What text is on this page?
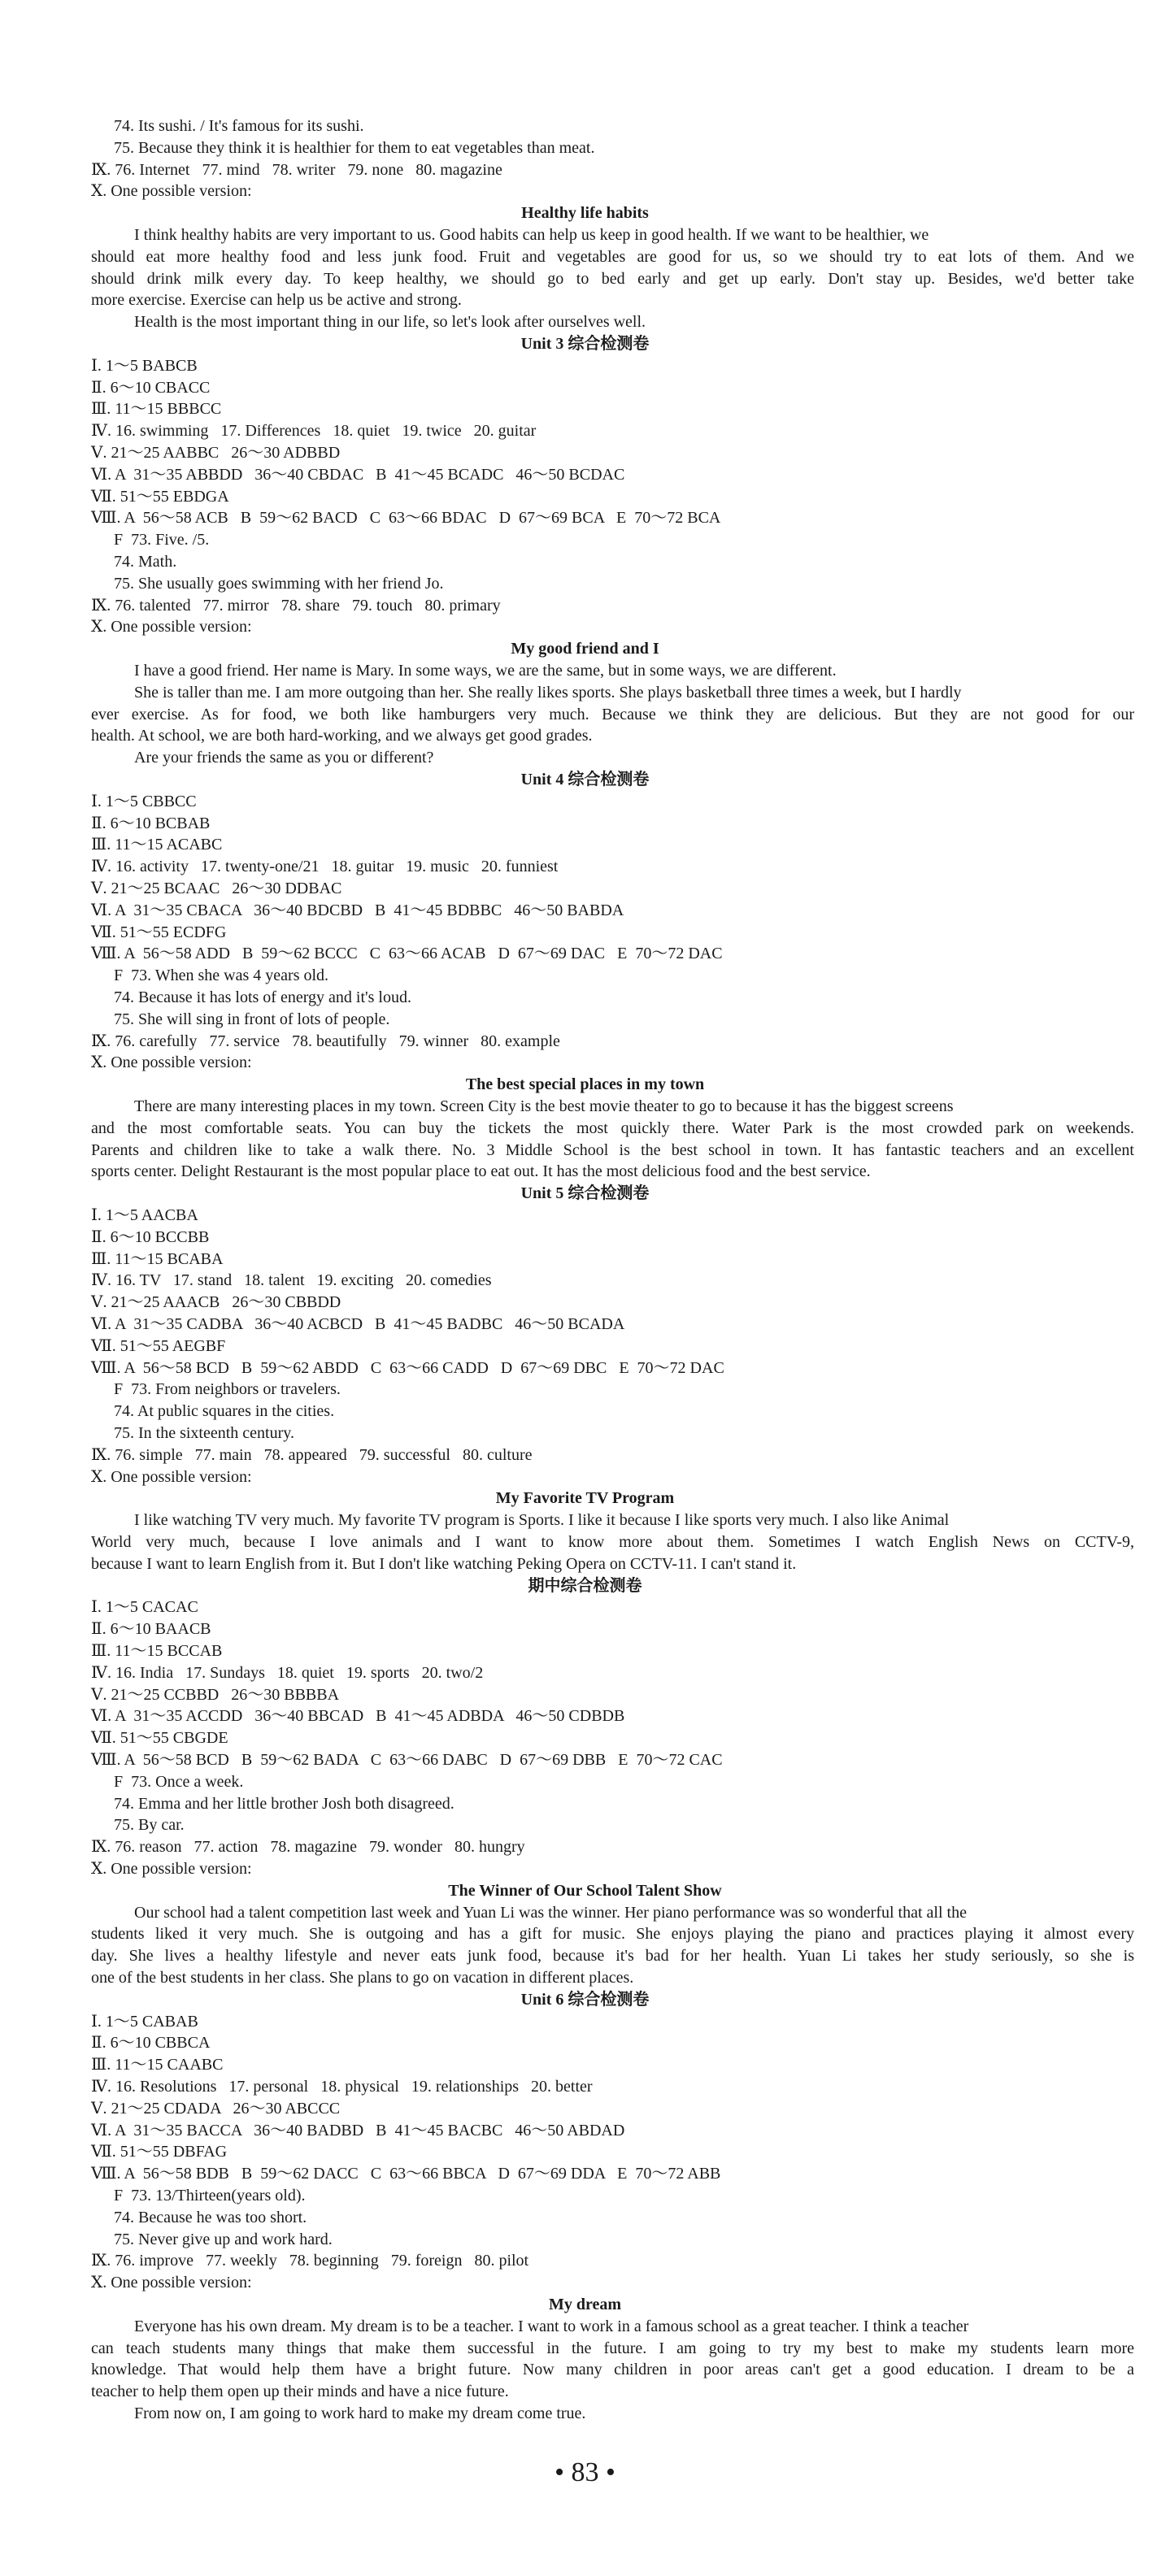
74. Its sushi. / It's famous for its sushi.
75. Because they think it is healthier for them to eat vegetables than meat.
Ⅸ. 76. Internet   77. mind   78. writer   79. none   80. magazine
Ⅹ. One possible version:
Healthy life habits
I think healthy habits are very important to us. Good habits can help us keep in good health. If we want to be healthier, we
should eat more healthy food and less junk food. Fruit and vegetables are good for us, so we should try to eat lots of them. And we
should drink milk every day. To keep healthy, we should go to bed early and get up early. Don't stay up. Besides, we'd better take
more exercise. Exercise can help us be active and strong.
Health is the most important thing in our life, so let's look after ourselves well.
Unit 3 综合检测卷
Ⅰ. 1～5 BABCB
Ⅱ. 6～10 CBACC
Ⅲ. 11～15 BBBCC
Ⅳ. 16. swimming   17. Differences   18. quiet   19. twice   20. guitar
Ⅴ. 21～25 AABBC   26～30 ADBBD
Ⅵ. A  31～35 ABBDD   36～40 CBDAC   B  41～45 BCADC   46～50 BCDAC
Ⅶ. 51～55 EBDGA
Ⅷ. A  56～58 ACB   B  59～62 BACD   C  63～66 BDAC   D  67～69 BCA   E  70～72 BCA
F  73. Five. /5.
74. Math.
75. She usually goes swimming with her friend Jo.
Ⅸ. 76. talented   77. mirror   78. share   79. touch   80. primary
Ⅹ. One possible version:
My good friend and I
I have a good friend. Her name is Mary. In some ways, we are the same, but in some ways, we are different.
She is taller than me. I am more outgoing than her. She really likes sports. She plays basketball three times a week, but I hardly
ever exercise. As for food, we both like hamburgers very much. Because we think they are delicious. But they are not good for our
health. At school, we are both hard-working, and we always get good grades.
Are your friends the same as you or different?
Unit 4 综合检测卷
Ⅰ. 1～5 CBBCC
Ⅱ. 6～10 BCBAB
Ⅲ. 11～15 ACABC
Ⅳ. 16. activity   17. twenty-one/21   18. guitar   19. music   20. funniest
Ⅴ. 21～25 BCAAC   26～30 DDBAC
Ⅵ. A  31～35 CBACA   36～40 BDCBD   B  41～45 BDBBC   46～50 BABDA
Ⅶ. 51～55 ECDFG
Ⅷ. A  56～58 ADD   B  59～62 BCCC   C  63～66 ACAB   D  67～69 DAC   E  70～72 DAC
F  73. When she was 4 years old.
74. Because it has lots of energy and it's loud.
75. She will sing in front of lots of people.
Ⅸ. 76. carefully   77. service   78. beautifully   79. winner   80. example
Ⅹ. One possible version:
The best special places in my town
There are many interesting places in my town. Screen City is the best movie theater to go to because it has the biggest screens
and the most comfortable seats. You can buy the tickets the most quickly there. Water Park is the most crowded park on weekends.
Parents and children like to take a walk there. No. 3 Middle School is the best school in town. It has fantastic teachers and an excellent
sports center. Delight Restaurant is the most popular place to eat out. It has the most delicious food and the best service.
Unit 5 综合检测卷
Ⅰ. 1～5 AACBA
Ⅱ. 6～10 BCCBB
Ⅲ. 11～15 BCABA
Ⅳ. 16. TV   17. stand   18. talent   19. exciting   20. comedies
Ⅴ. 21～25 AAACB   26～30 CBBDD
Ⅵ. A  31～35 CADBA   36～40 ACBCD   B  41～45 BADBC   46～50 BCADA
Ⅶ. 51～55 AEGBF
Ⅷ. A  56～58 BCD   B  59～62 ABDD   C  63～66 CADD   D  67～69 DBC   E  70～72 DAC
F  73. From neighbors or travelers.
74. At public squares in the cities.
75. In the sixteenth century.
Ⅸ. 76. simple   77. main   78. appeared   79. successful   80. culture
Ⅹ. One possible version:
My Favorite TV Program
I like watching TV very much. My favorite TV program is Sports. I like it because I like sports very much. I also like Animal
World very much, because I love animals and I want to know more about them. Sometimes I watch English News on CCTV-9,
because I want to learn English from it. But I don't like watching Peking Opera on CCTV-11. I can't stand it.
期中综合检测卷
Ⅰ. 1～5 CACAC
Ⅱ. 6～10 BAACB
Ⅲ. 11～15 BCCAB
Ⅳ. 16. India   17. Sundays   18. quiet   19. sports   20. two/2
Ⅴ. 21～25 CCBBD   26～30 BBBBA
Ⅵ. A  31～35 ACCDD   36～40 BBCAD   B  41～45 ADBDA   46～50 CDBDB
Ⅶ. 51～55 CBGDE
Ⅷ. A  56～58 BCD   B  59～62 BADA   C  63～66 DABC   D  67～69 DBB   E  70～72 CAC
F  73. Once a week.
74. Emma and her little brother Josh both disagreed.
75. By car.
Ⅸ. 76. reason   77. action   78. magazine   79. wonder   80. hungry
Ⅹ. One possible version:
The Winner of Our School Talent Show
Our school had a talent competition last week and Yuan Li was the winner. Her piano performance was so wonderful that all the
students liked it very much. She is outgoing and has a gift for music. She enjoys playing the piano and practices playing it almost every
day. She lives a healthy lifestyle and never eats junk food, because it's bad for her health. Yuan Li takes her study seriously, so she is
one of the best students in her class. She plans to go on vacation in different places.
Unit 6 综合检测卷
Ⅰ. 1～5 CABAB
Ⅱ. 6～10 CBBCA
Ⅲ. 11～15 CAABC
Ⅳ. 16. Resolutions   17. personal   18. physical   19. relationships   20. better
Ⅴ. 21～25 CDADA   26～30 ABCCC
Ⅵ. A  31～35 BACCA   36～40 BADBD   B  41～45 BACBC   46～50 ABDAD
Ⅶ. 51～55 DBFAG
Ⅷ. A  56～58 BDB   B  59～62 DACC   C  63～66 BBCA   D  67～69 DDA   E  70～72 ABB
F  73. 13/Thirteen(years old).
74. Because he was too short.
75. Never give up and work hard.
Ⅸ. 76. improve   77. weekly   78. beginning   79. foreign   80. pilot
Ⅹ. One possible version:
My dream
Everyone has his own dream. My dream is to be a teacher. I want to work in a famous school as a great teacher. I think a teacher
can teach students many things that make them successful in the future. I am going to try my best to make my students learn more
knowledge. That would help them have a bright future. Now many children in poor areas can't get a good education. I dream to be a
teacher to help them open up their minds and have a nice future.
From now on, I am going to work hard to make my dream come true.
• 83 •
